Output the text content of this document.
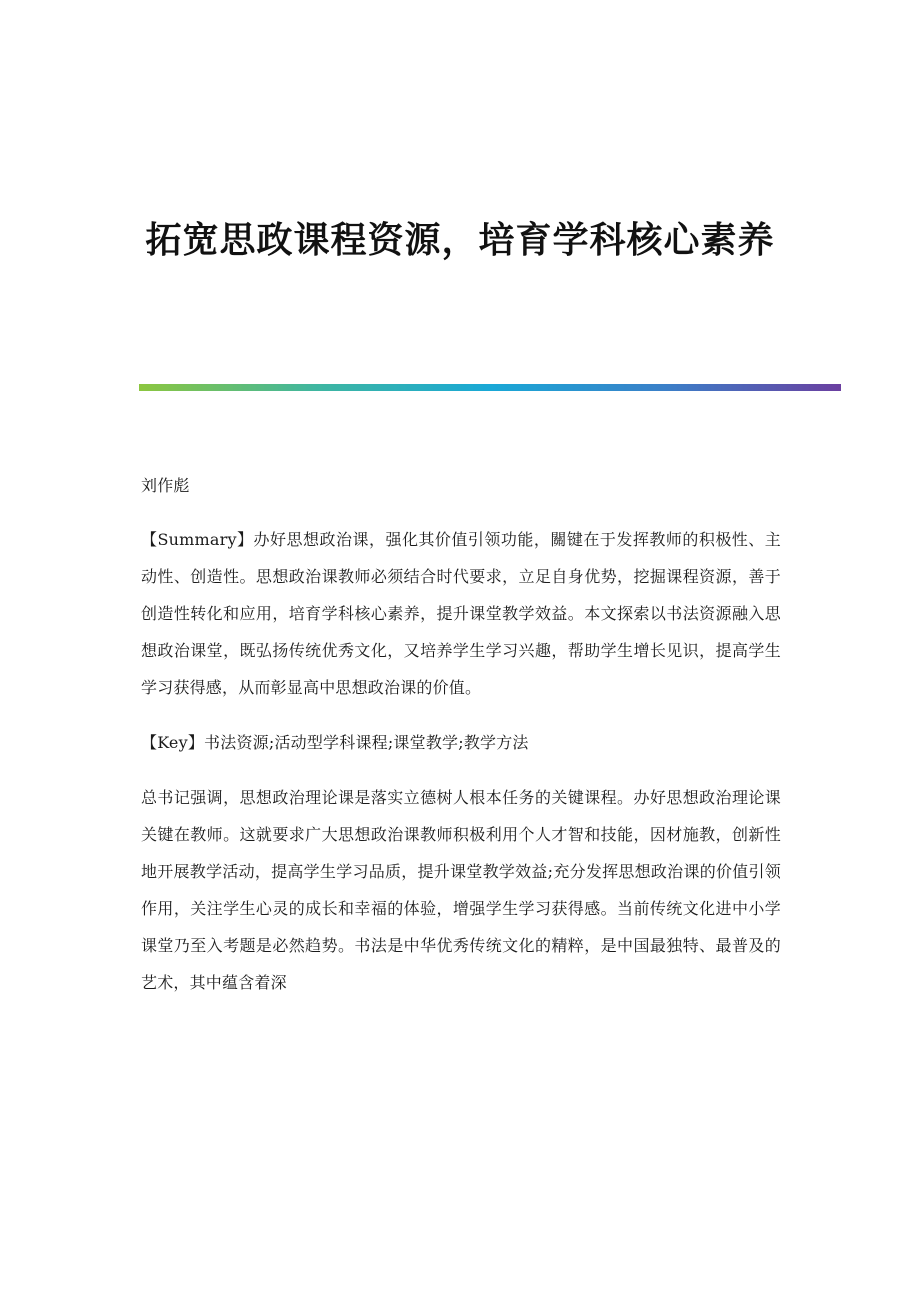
拓宽思政课程资源，培育学科核心素养

刘作彪

【Summary】办好思想政治课，强化其价值引领功能，關键在于发挥教师的积极性、主动性、创造性。思想政治课教师必须结合时代要求，立足自身优势，挖掘课程资源，善于创造性转化和应用，培育学科核心素养，提升课堂教学效益。本文探索以书法资源融入思想政治课堂，既弘扬传统优秀文化，又培养学生学习兴趣，帮助学生增长见识，提高学生学习获得感，从而彰显高中思想政治课的价值。

【Key】书法资源;活动型学科课程;课堂教学;教学方法

总书记强调，思想政治理论课是落实立德树人根本任务的关键课程。办好思想政治理论课关键在教师。这就要求广大思想政治课教师积极利用个人才智和技能，因材施教，创新性地开展教学活动，提高学生学习品质，提升课堂教学效益;充分发挥思想政治课的价值引领作用，关注学生心灵的成长和幸福的体验，增强学生学习获得感。当前传统文化进中小学课堂乃至入考题是必然趋势。书法是中华优秀传统文化的精粹，是中国最独特、最普及的艺术，其中蕴含着深
